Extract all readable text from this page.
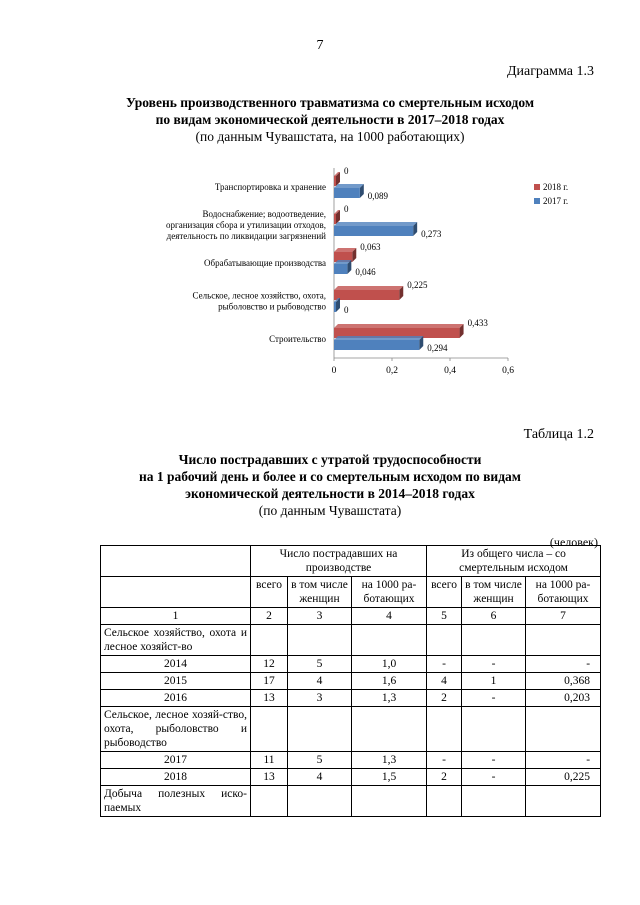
7
Диаграмма 1.3
Уровень производственного травматизма со смертельным исходом
по видам экономической деятельности в 2017–2018 годах
(по данным Чувашстата, на 1000 работающих)
0	0,2	0,4	0,6
0
0,089
Транспортировка и хранение
0
0,273
Водоснабжение; водоотведение,
организация сбора и утилизации отходов,
деятельность по ликвидации загрязнений
0,063
0,046
Обрабатывающие производства
0,225
0
Сельское, лесное хозяйство, охота,
рыболовство и рыбоводство
0,433
0,294
Строительство
2018 г.
2017 г.
Таблица 1.2
Число пострадавших с утратой трудоспособности
на 1 рабочий день и более и со смертельным исходом по видам
экономической деятельности в 2014–2018 годах
(по данным Чувашстата)
(человек)
	Число пострадавших на производстве			Из общего числа – со смертельным исходом		
	всего	в том числе женщин	на 1000 ра-ботающих	всего	в том числе женщин	на 1000 ра-ботающих
1	2	3	4	5	6	7
Сельское хозяйство, охота и лесное хозяйст-во						
2014	12	5	1,0	-	-	-
2015	17	4	1,6	4	1	0,368
2016	13	3	1,3	2	-	0,203
Сельское, лесное хозяй-ство, охота, рыболовство и рыбоводство						
2017	11	5	1,3	-	-	-
2018	13	4	1,5	2	-	0,225
Добыча полезных иско-паемых						
